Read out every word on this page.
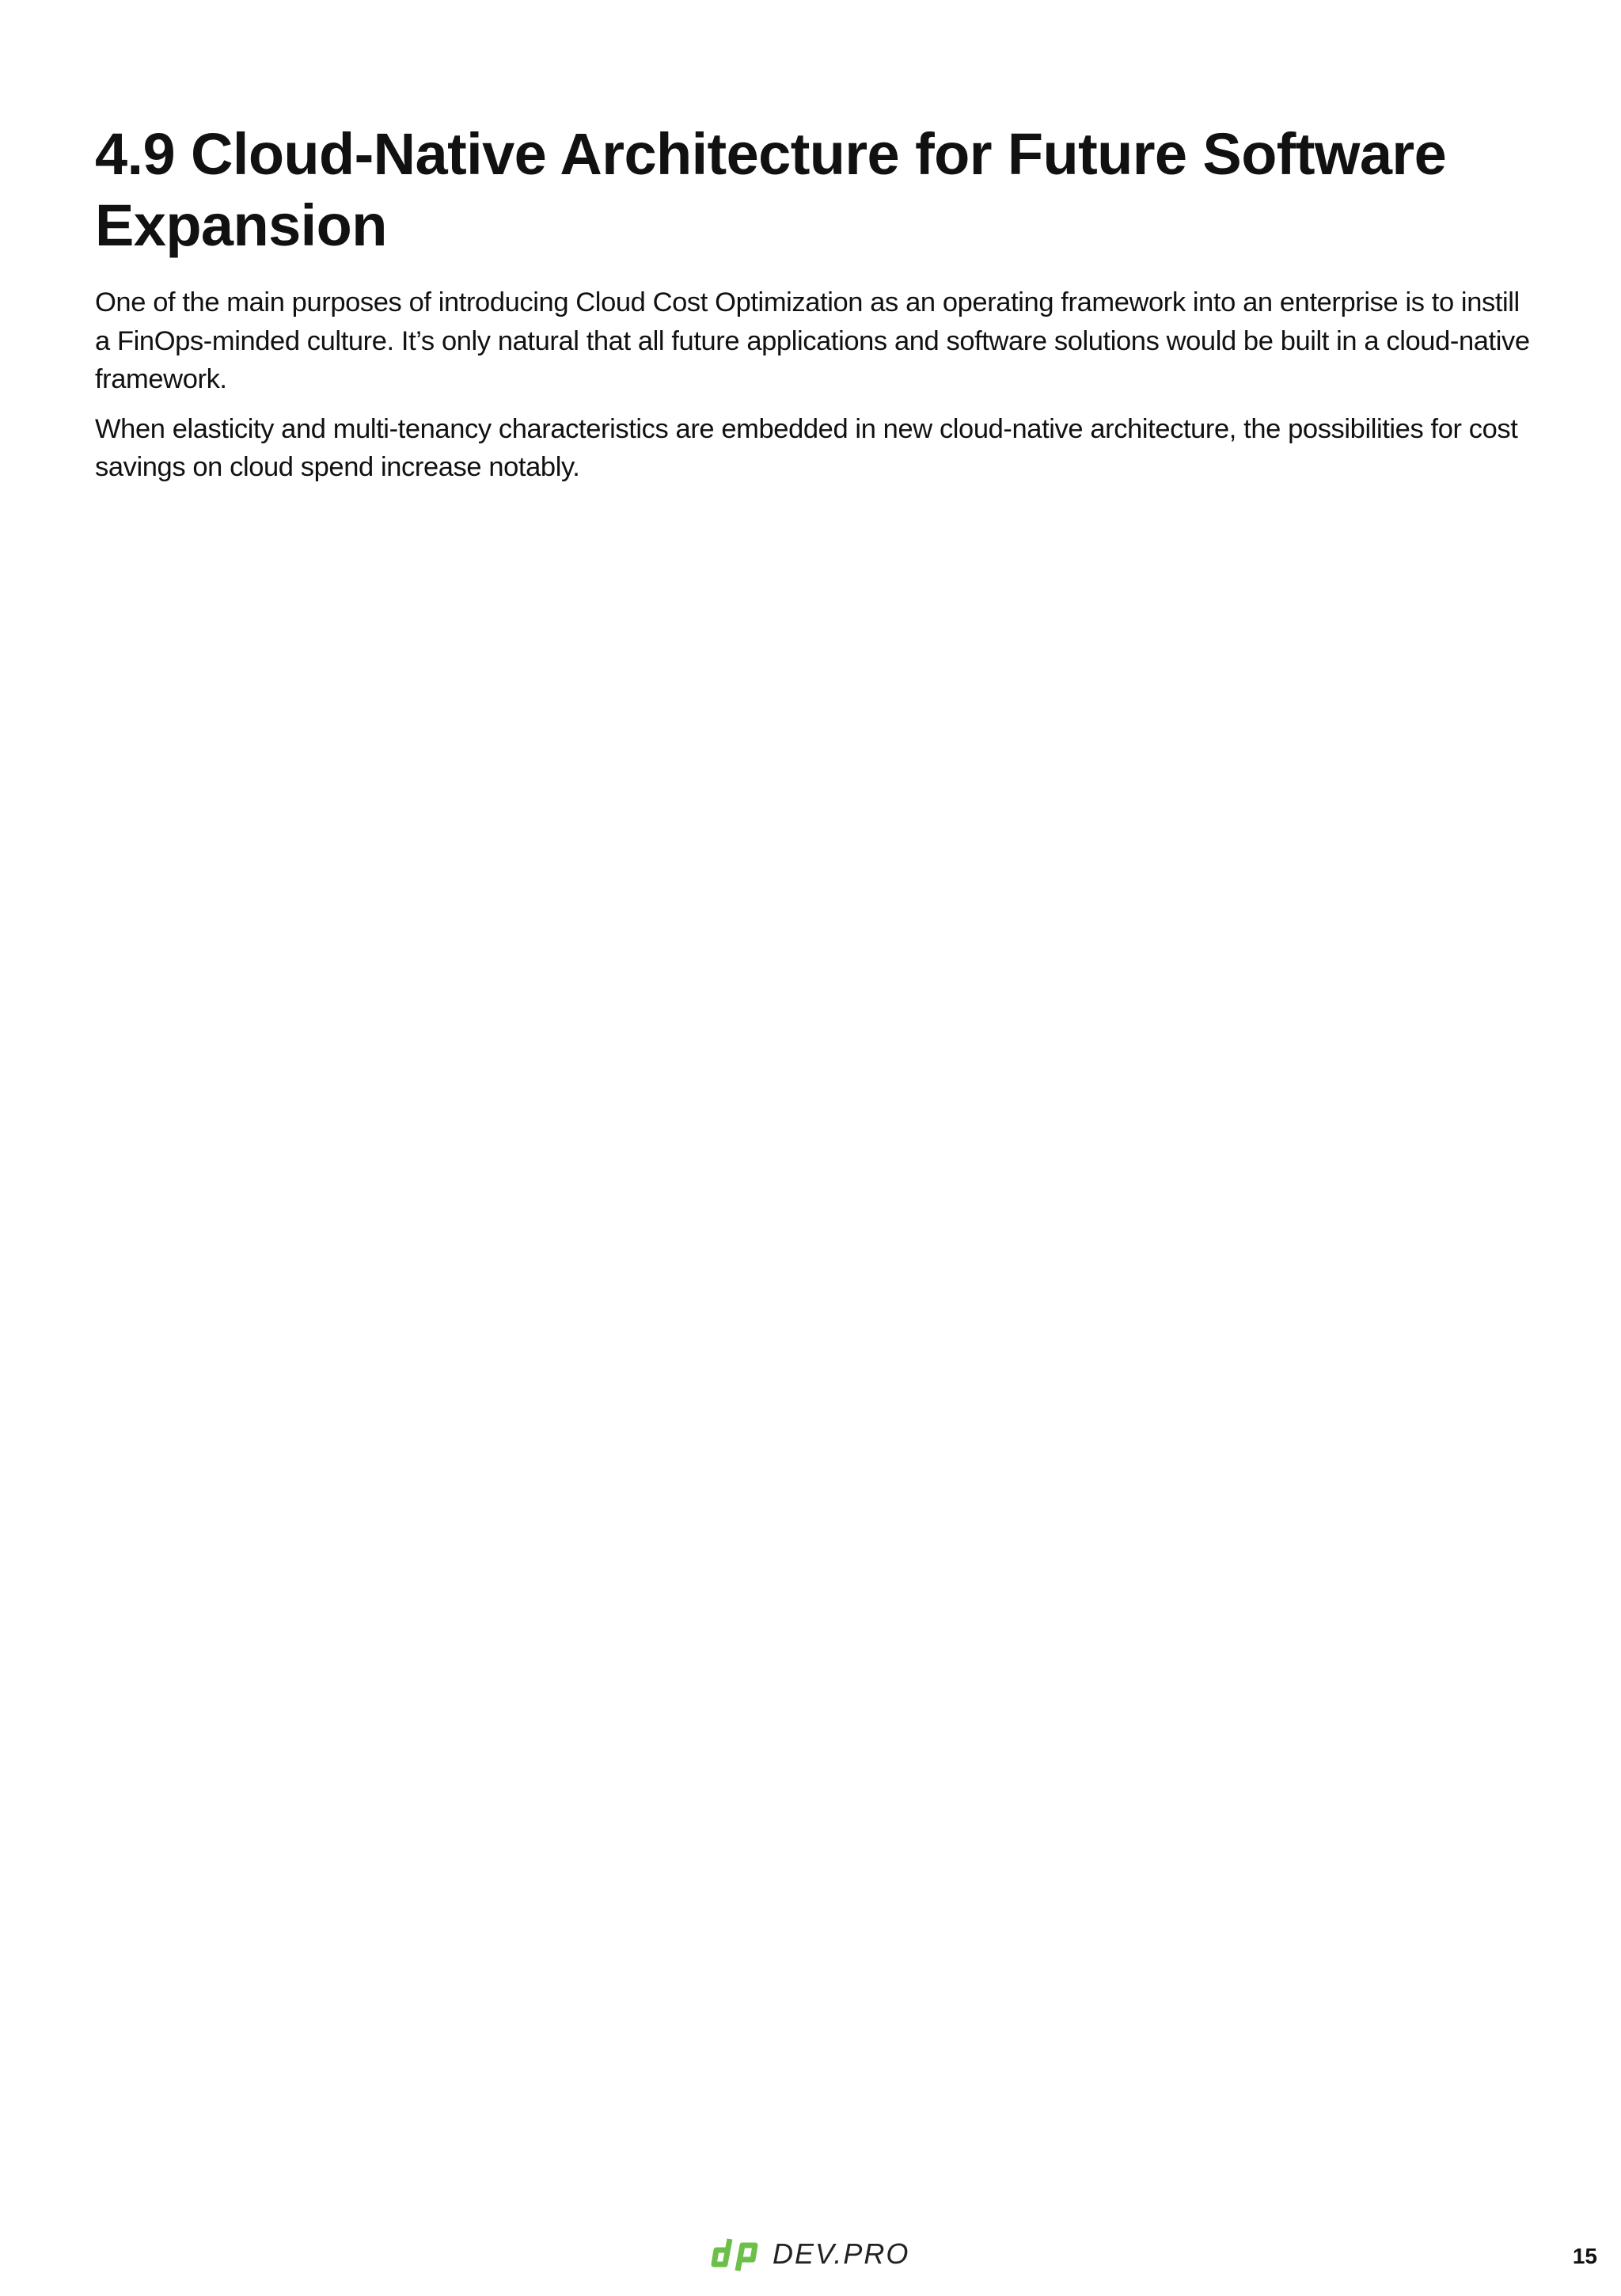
4.9 Cloud-Native Architecture for Future Software Expansion

One of the main purposes of introducing Cloud Cost Optimization as an operating framework into an enterprise is to instill a FinOps-minded culture. It’s only natural that all future applications and software solutions would be built in a cloud-native framework.

When elasticity and multi-tenancy characteristics are embedded in new cloud-native architecture, the possibilities for cost savings on cloud spend increase notably.

DEV.PRO	15
